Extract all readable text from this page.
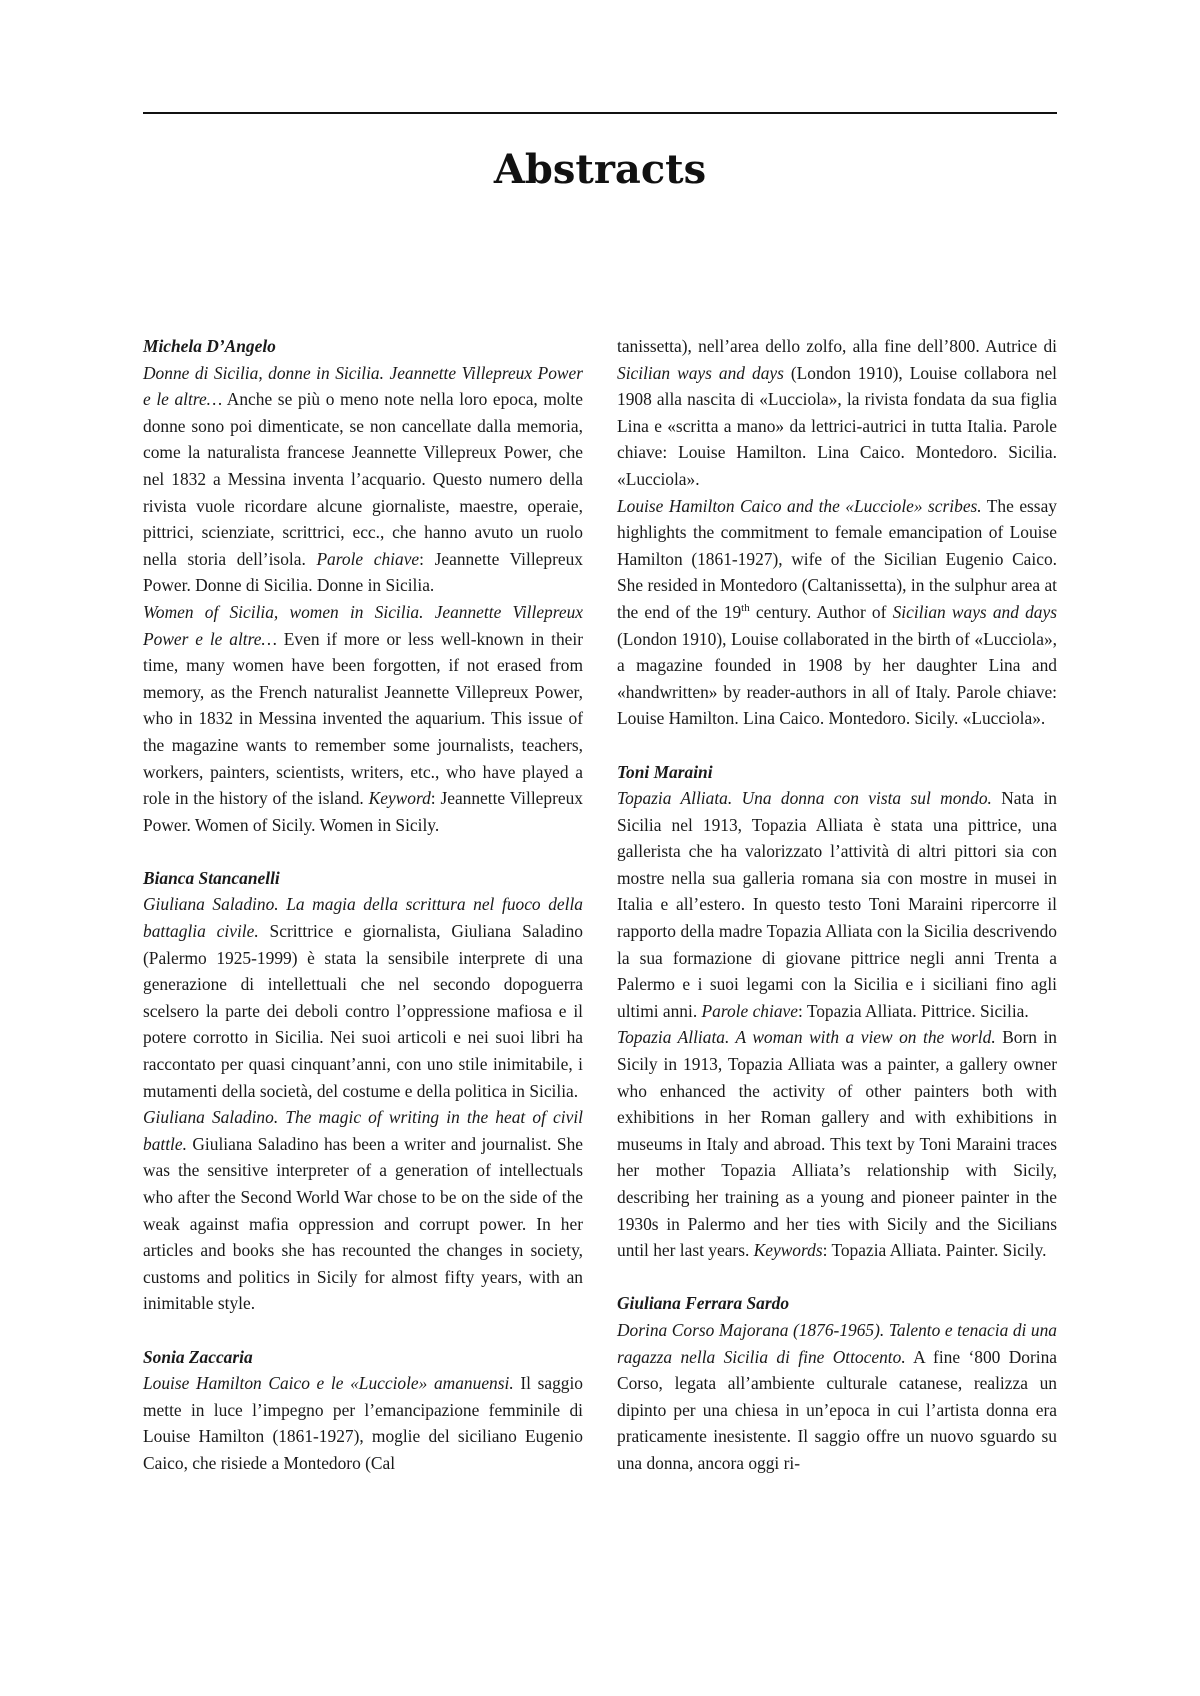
Abstracts

Michela D’Angelo

Donne di Sicilia, donne in Sicilia. Jeannette Villepreux Power e le altre… Anche se più o meno note nella loro epoca, molte donne sono poi dimenticate, se non cancellate dalla memoria, come la naturalista francese Jeannette Villepreux Power, che nel 1832 a Messina inventa l’acquario. Questo numero della rivista vuole ricordare alcune giornaliste, maestre, operaie, pittrici, scienziate, scrittrici, ecc., che hanno avuto un ruolo nella storia dell’isola. Parole chiave: Jeannette Villepreux Power. Donne di Sicilia. Donne in Sicilia.

Women of Sicilia, women in Sicilia. Jeannette Villepreux Power e le altre… Even if more or less well-known in their time, many women have been forgotten, if not erased from memory, as the French naturalist Jeannette Villepreux Power, who in 1832 in Messina invented the aquarium. This issue of the magazine wants to remember some journalists, teachers, workers, painters, scientists, writers, etc., who have played a role in the history of the island. Keyword: Jeannette Villepreux Power. Women of Sicily. Women in Sicily.

Bianca Stancanelli

Giuliana Saladino. La magia della scrittura nel fuoco della battaglia civile. Scrittrice e giornalista, Giuliana Saladino (Palermo 1925-1999) è stata la sensibile interprete di una generazione di intellettuali che nel secondo dopoguerra scelsero la parte dei deboli contro l’oppressione mafiosa e il potere corrotto in Sicilia. Nei suoi articoli e nei suoi libri ha raccontato per quasi cinquant’anni, con uno stile inimitabile, i mutamenti della società, del costume e della politica in Sicilia.

Giuliana Saladino. The magic of writing in the heat of civil battle. Giuliana Saladino has been a writer and journalist. She was the sensitive interpreter of a generation of intellectuals who after the Second World War chose to be on the side of the weak against mafia oppression and corrupt power. In her articles and books she has recounted the changes in society, customs and politics in Sicily for almost fifty years, with an inimitable style.

Sonia Zaccaria

Louise Hamilton Caico e le «Lucciole» amanuensi. Il saggio mette in luce l’impegno per l’emancipazione femminile di Louise Hamilton (1861-1927), moglie del siciliano Eugenio Caico, che risiede a Montedoro (Cal

tanissetta), nell’area dello zolfo, alla fine dell’800. Autrice di Sicilian ways and days (London 1910), Louise collabora nel 1908 alla nascita di «Lucciola», la rivista fondata da sua figlia Lina e «scritta a mano» da lettrici-autrici in tutta Italia. Parole chiave: Louise Hamilton. Lina Caico. Montedoro. Sicilia. «Lucciola».

Louise Hamilton Caico and the «Lucciole» scribes. The essay highlights the commitment to female emancipation of Louise Hamilton (1861-1927), wife of the Sicilian Eugenio Caico. She resided in Montedoro (Caltanissetta), in the sulphur area at the end of the 19th century. Author of Sicilian ways and days (London 1910), Louise collaborated in the birth of «Lucciola», a magazine founded in 1908 by her daughter Lina and «handwritten» by reader-authors in all of Italy. Parole chiave: Louise Hamilton. Lina Caico. Montedoro. Sicily. «Lucciola».

Toni Maraini

Topazia Alliata. Una donna con vista sul mondo. Nata in Sicilia nel 1913, Topazia Alliata è stata una pittrice, una gallerista che ha valorizzato l’attività di altri pittori sia con mostre nella sua galleria romana sia con mostre in musei in Italia e all’estero. In questo testo Toni Maraini ripercorre il rapporto della madre Topazia Alliata con la Sicilia descrivendo la sua formazione di giovane pittrice negli anni Trenta a Palermo e i suoi legami con la Sicilia e i siciliani fino agli ultimi anni. Parole chiave: Topazia Alliata. Pittrice. Sicilia.

Topazia Alliata. A woman with a view on the world. Born in Sicily in 1913, Topazia Alliata was a painter, a gallery owner who enhanced the activity of other painters both with exhibitions in her Roman gallery and with exhibitions in museums in Italy and abroad. This text by Toni Maraini traces her mother Topazia Alliata’s relationship with Sicily, describing her training as a young and pioneer painter in the 1930s in Palermo and her ties with Sicily and the Sicilians until her last years. Keywords: Topazia Alliata. Painter. Sicily.

Giuliana Ferrara Sardo

Dorina Corso Majorana (1876-1965). Talento e tenacia di una ragazza nella Sicilia di fine Ottocento. A fine ‘800 Dorina Corso, legata all’ambiente culturale catanese, realizza un dipinto per una chiesa in un’epoca in cui l’artista donna era praticamente inesistente. Il saggio offre un nuovo sguardo su una donna, ancora oggi ri-
